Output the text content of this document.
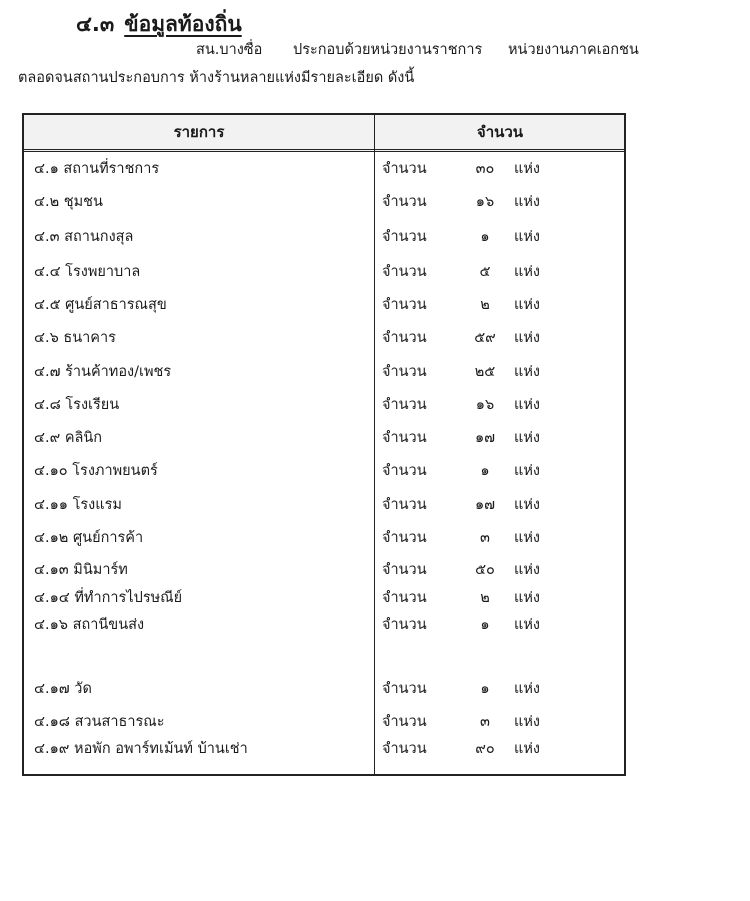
๔.๓ ข้อมูลท้องถิ่น
สน.บางซื่อ ประกอบด้วยหน่วยงานราชการ หน่วยงานภาคเอกชน
ตลอดจนสถานประกอบการ ห้างร้านหลายแห่งมีรายละเอียด ดังนี้
รายการ	จำนวน
๔.๑ สถานที่ราชการ	จำนวน	๓๐	แห่ง
๔.๒ ชุมชน	จำนวน	๑๖	แห่ง
๔.๓ สถานกงสุล	จำนวน	๑	แห่ง
๔.๔ โรงพยาบาล	จำนวน	๕	แห่ง
๔.๕ ศูนย์สาธารณสุข	จำนวน	๒	แห่ง
๔.๖ ธนาคาร	จำนวน	๕๙	แห่ง
๔.๗ ร้านค้าทอง/เพชร	จำนวน	๒๕	แห่ง
๔.๘ โรงเรียน	จำนวน	๑๖	แห่ง
๔.๙ คลินิก	จำนวน	๑๗	แห่ง
๔.๑๐ โรงภาพยนตร์	จำนวน	๑	แห่ง
๔.๑๑ โรงแรม	จำนวน	๑๗	แห่ง
๔.๑๒ ศูนย์การค้า	จำนวน	๓	แห่ง
๔.๑๓ มินิมาร์ท	จำนวน	๕๐	แห่ง
๔.๑๔ ที่ทำการไปรษณีย์	จำนวน	๒	แห่ง
๔.๑๖ สถานีขนส่ง	จำนวน	๑	แห่ง
๔.๑๗ วัด	จำนวน	๑	แห่ง
๔.๑๘ สวนสาธารณะ	จำนวน	๓	แห่ง
๔.๑๙ หอพัก อพาร์ทเม้นท์ บ้านเช่า	จำนวน	๙๐	แห่ง
